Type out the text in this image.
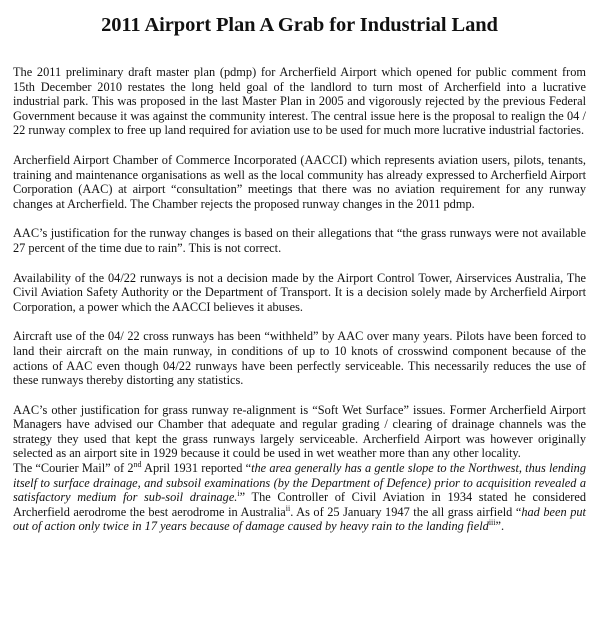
2011 Airport Plan A Grab for Industrial Land

The 2011 preliminary draft master plan (pdmp) for Archerfield Airport which opened for public comment from 15th December 2010 restates the long held goal of the landlord to turn most of Archerfield into a lucrative industrial park. This was proposed in the last Master Plan in 2005 and vigorously rejected by the previous Federal Government because it was against the community interest. The central issue here is the proposal to realign the 04 / 22 runway complex to free up land required for aviation use to be used for much more lucrative industrial factories.

Archerfield Airport Chamber of Commerce Incorporated (AACCI) which represents aviation users, pilots, tenants, training and maintenance organisations as well as the local community has already expressed to Archerfield Airport Corporation (AAC) at airport “consultation” meetings that there was no aviation requirement for any runway changes at Archerfield. The Chamber rejects the proposed runway changes in the 2011 pdmp.

AAC’s justification for the runway changes is based on their allegations that “the grass runways were not available 27 percent of the time due to rain”. This is not correct.

Availability of the 04/22 runways is not a decision made by the Airport Control Tower, Airservices Australia, The Civil Aviation Safety Authority or the Department of Transport. It is a decision solely made by Archerfield Airport Corporation, a power which the AACCI believes it abuses.

Aircraft use of the 04/ 22 cross runways has been “withheld” by AAC over many years. Pilots have been forced to land their aircraft on the main runway, in conditions of up to 10 knots of crosswind component because of the actions of AAC even though 04/22 runways have been perfectly serviceable. This necessarily reduces the use of these runways thereby distorting any statistics.

AAC’s other justification for grass runway re-alignment is “Soft Wet Surface” issues. Former Archerfield Airport Managers have advised our Chamber that adequate and regular grading / clearing of drainage channels was the strategy they used that kept the grass runways largely serviceable. Archerfield Airport was however originally selected as an airport site in 1929 because it could be used in wet weather more than any other locality.

The “Courier Mail” of 2nd April 1931 reported “the area generally has a gentle slope to the Northwest, thus lending itself to surface drainage, and subsoil examinations (by the Department of Defence) prior to acquisition revealed a satisfactory medium for sub-soil drainage.$^i$” The Controller of Civil Aviation in 1934 stated he considered Archerfield aerodrome the best aerodrome in Australia$^{ii}$. As of 25 January 1947 the all grass airfield “had been put out of action only twice in 17 years because of damage caused by heavy rain to the landing field$^{iii}$”.
